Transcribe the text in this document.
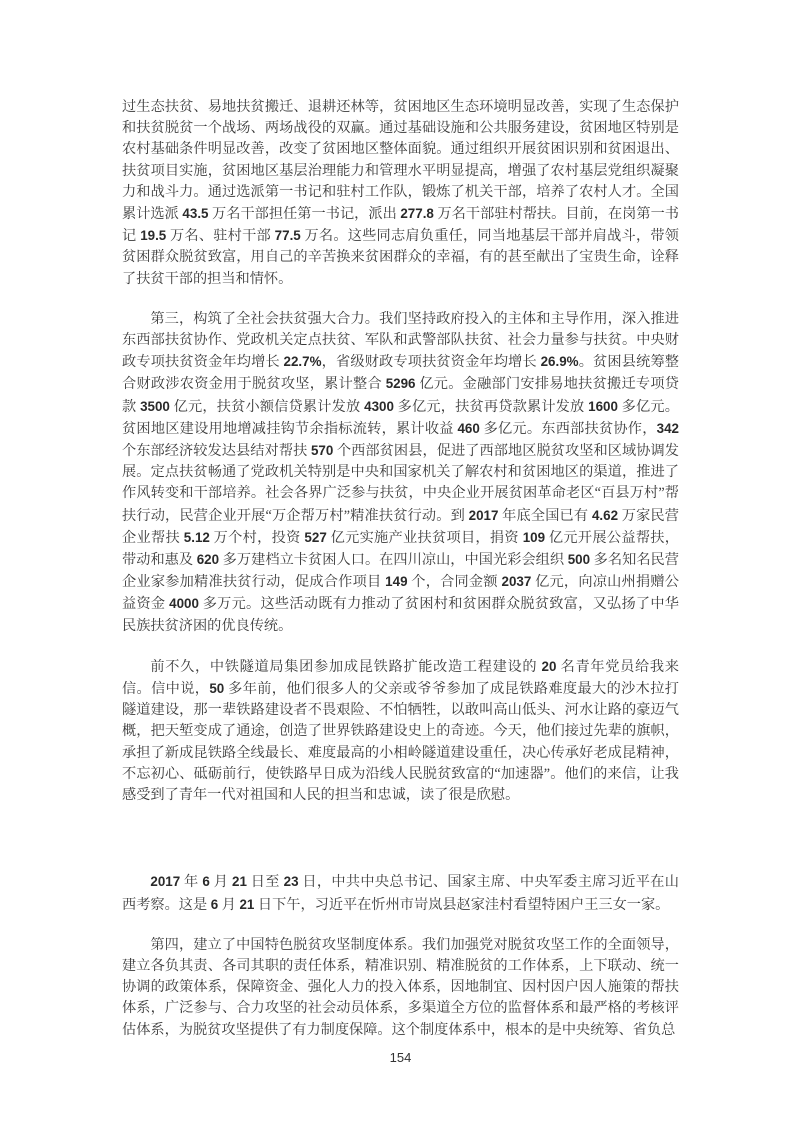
过生态扶贫、易地扶贫搬迁、退耕还林等，贫困地区生态环境明显改善，实现了生态保护和扶贫脱贫一个战场、两场战役的双赢。通过基础设施和公共服务建设，贫困地区特别是农村基础条件明显改善，改变了贫困地区整体面貌。通过组织开展贫困识别和贫困退出、扶贫项目实施，贫困地区基层治理能力和管理水平明显提高，增强了农村基层党组织凝聚力和战斗力。通过选派第一书记和驻村工作队，锻炼了机关干部，培养了农村人才。全国累计选派 43.5 万名干部担任第一书记，派出 277.8 万名干部驻村帮扶。目前，在岗第一书记 19.5 万名、驻村干部 77.5 万名。这些同志肩负重任，同当地基层干部并肩战斗，带领贫困群众脱贫致富，用自己的辛苦换来贫困群众的幸福，有的甚至献出了宝贵生命，诠释了扶贫干部的担当和情怀。

第三，构筑了全社会扶贫强大合力。我们坚持政府投入的主体和主导作用，深入推进东西部扶贫协作、党政机关定点扶贫、军队和武警部队扶贫、社会力量参与扶贫。中央财政专项扶贫资金年均增长 22.7%，省级财政专项扶贫资金年均增长 26.9%。贫困县统筹整合财政涉农资金用于脱贫攻坚，累计整合 5296 亿元。金融部门安排易地扶贫搬迁专项贷款 3500 亿元，扶贫小额信贷累计发放 4300 多亿元，扶贫再贷款累计发放 1600 多亿元。贫困地区建设用地增减挂钩节余指标流转，累计收益 460 多亿元。东西部扶贫协作，342 个东部经济较发达县结对帮扶 570 个西部贫困县，促进了西部地区脱贫攻坚和区域协调发展。定点扶贫畅通了党政机关特别是中央和国家机关了解农村和贫困地区的渠道，推进了作风转变和干部培养。社会各界广泛参与扶贫，中央企业开展贫困革命老区“百县万村”帮扶行动，民营企业开展“万企帮万村”精准扶贫行动。到 2017 年底全国已有 4.62 万家民营企业帮扶 5.12 万个村，投资 527 亿元实施产业扶贫项目，捐资 109 亿元开展公益帮扶，带动和惠及 620 多万建档立卡贫困人口。在四川凉山，中国光彩会组织 500 多名知名民营企业家参加精准扶贫行动，促成合作项目 149 个，合同金额 2037 亿元，向凉山州捐赠公益资金 4000 多万元。这些活动既有力推动了贫困村和贫困群众脱贫致富，又弘扬了中华民族扶贫济困的优良传统。

前不久，中铁隧道局集团参加成昆铁路扩能改造工程建设的 20 名青年党员给我来信。信中说，50 多年前，他们很多人的父亲或爷爷参加了成昆铁路难度最大的沙木拉打隧道建设，那一辈铁路建设者不畏艰险、不怕牺牲，以敢叫高山低头、河水让路的豪迈气概，把天堑变成了通途，创造了世界铁路建设史上的奇迹。今天，他们接过先辈的旗帜，承担了新成昆铁路全线最长、难度最高的小相岭隧道建设重任，决心传承好老成昆精神，不忘初心、砥砺前行，使铁路早日成为沿线人民脱贫致富的“加速器”。他们的来信，让我感受到了青年一代对祖国和人民的担当和忠诚，读了很是欣慰。

2017 年 6 月 21 日至 23 日，中共中央总书记、国家主席、中央军委主席习近平在山西考察。这是 6 月 21 日下午，习近平在忻州市岢岚县赵家洼村看望特困户王三女一家。

第四，建立了中国特色脱贫攻坚制度体系。我们加强党对脱贫攻坚工作的全面领导，建立各负其责、各司其职的责任体系，精准识别、精准脱贫的工作体系，上下联动、统一协调的政策体系，保障资金、强化人力的投入体系，因地制宜、因村因户因人施策的帮扶体系，广泛参与、合力攻坚的社会动员体系，多渠道全方位的监督体系和最严格的考核评估体系，为脱贫攻坚提供了有力制度保障。这个制度体系中，根本的是中央统筹、省负总

154
